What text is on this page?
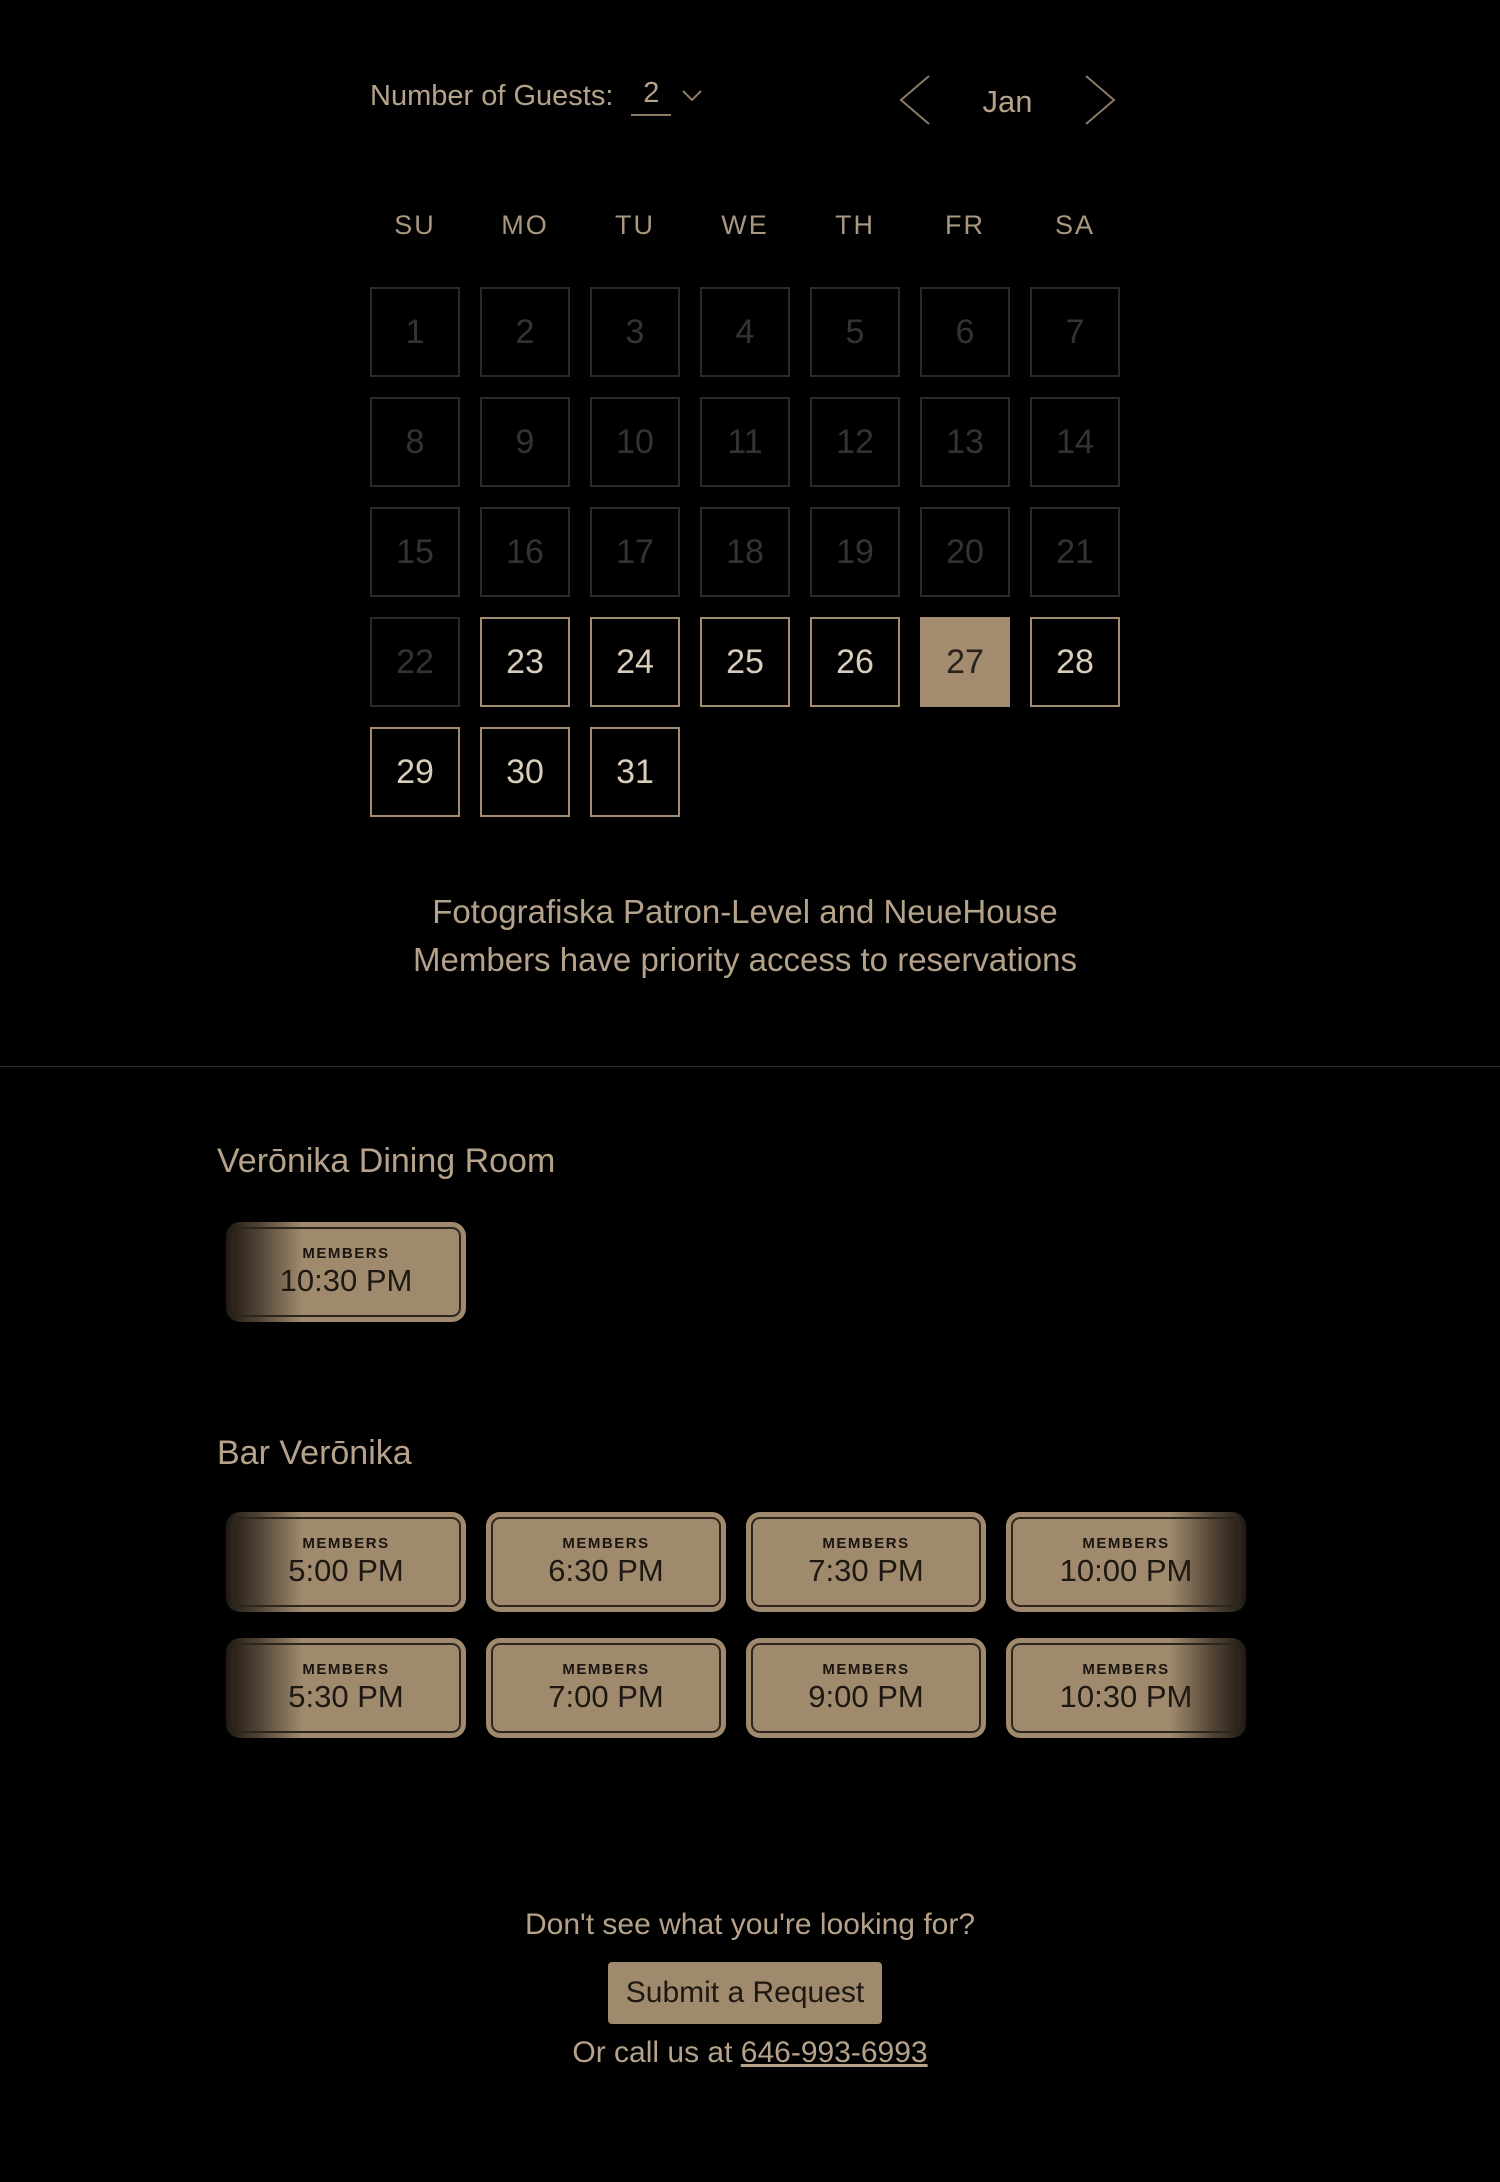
Number of Guests:	2	Jan
SU	MO	TU	WE	TH	FR	SA
1	2	3	4	5	6	7
8	9	10	11	12	13	14
15	16	17	18	19	20	21
22	23	24	25	26	27	28
29	30	31
Fotografiska Patron-Level and NeueHouse
Members have priority access to reservations
Verōnika Dining Room
MEMBERS
10:30 PM
Bar Verōnika
MEMBERS
5:00 PM
MEMBERS
6:30 PM
MEMBERS
7:30 PM
MEMBERS
10:00 PM
MEMBERS
5:30 PM
MEMBERS
7:00 PM
MEMBERS
9:00 PM
MEMBERS
10:30 PM
Don't see what you're looking for?
Submit a Request
Or call us at 646-993-6993
